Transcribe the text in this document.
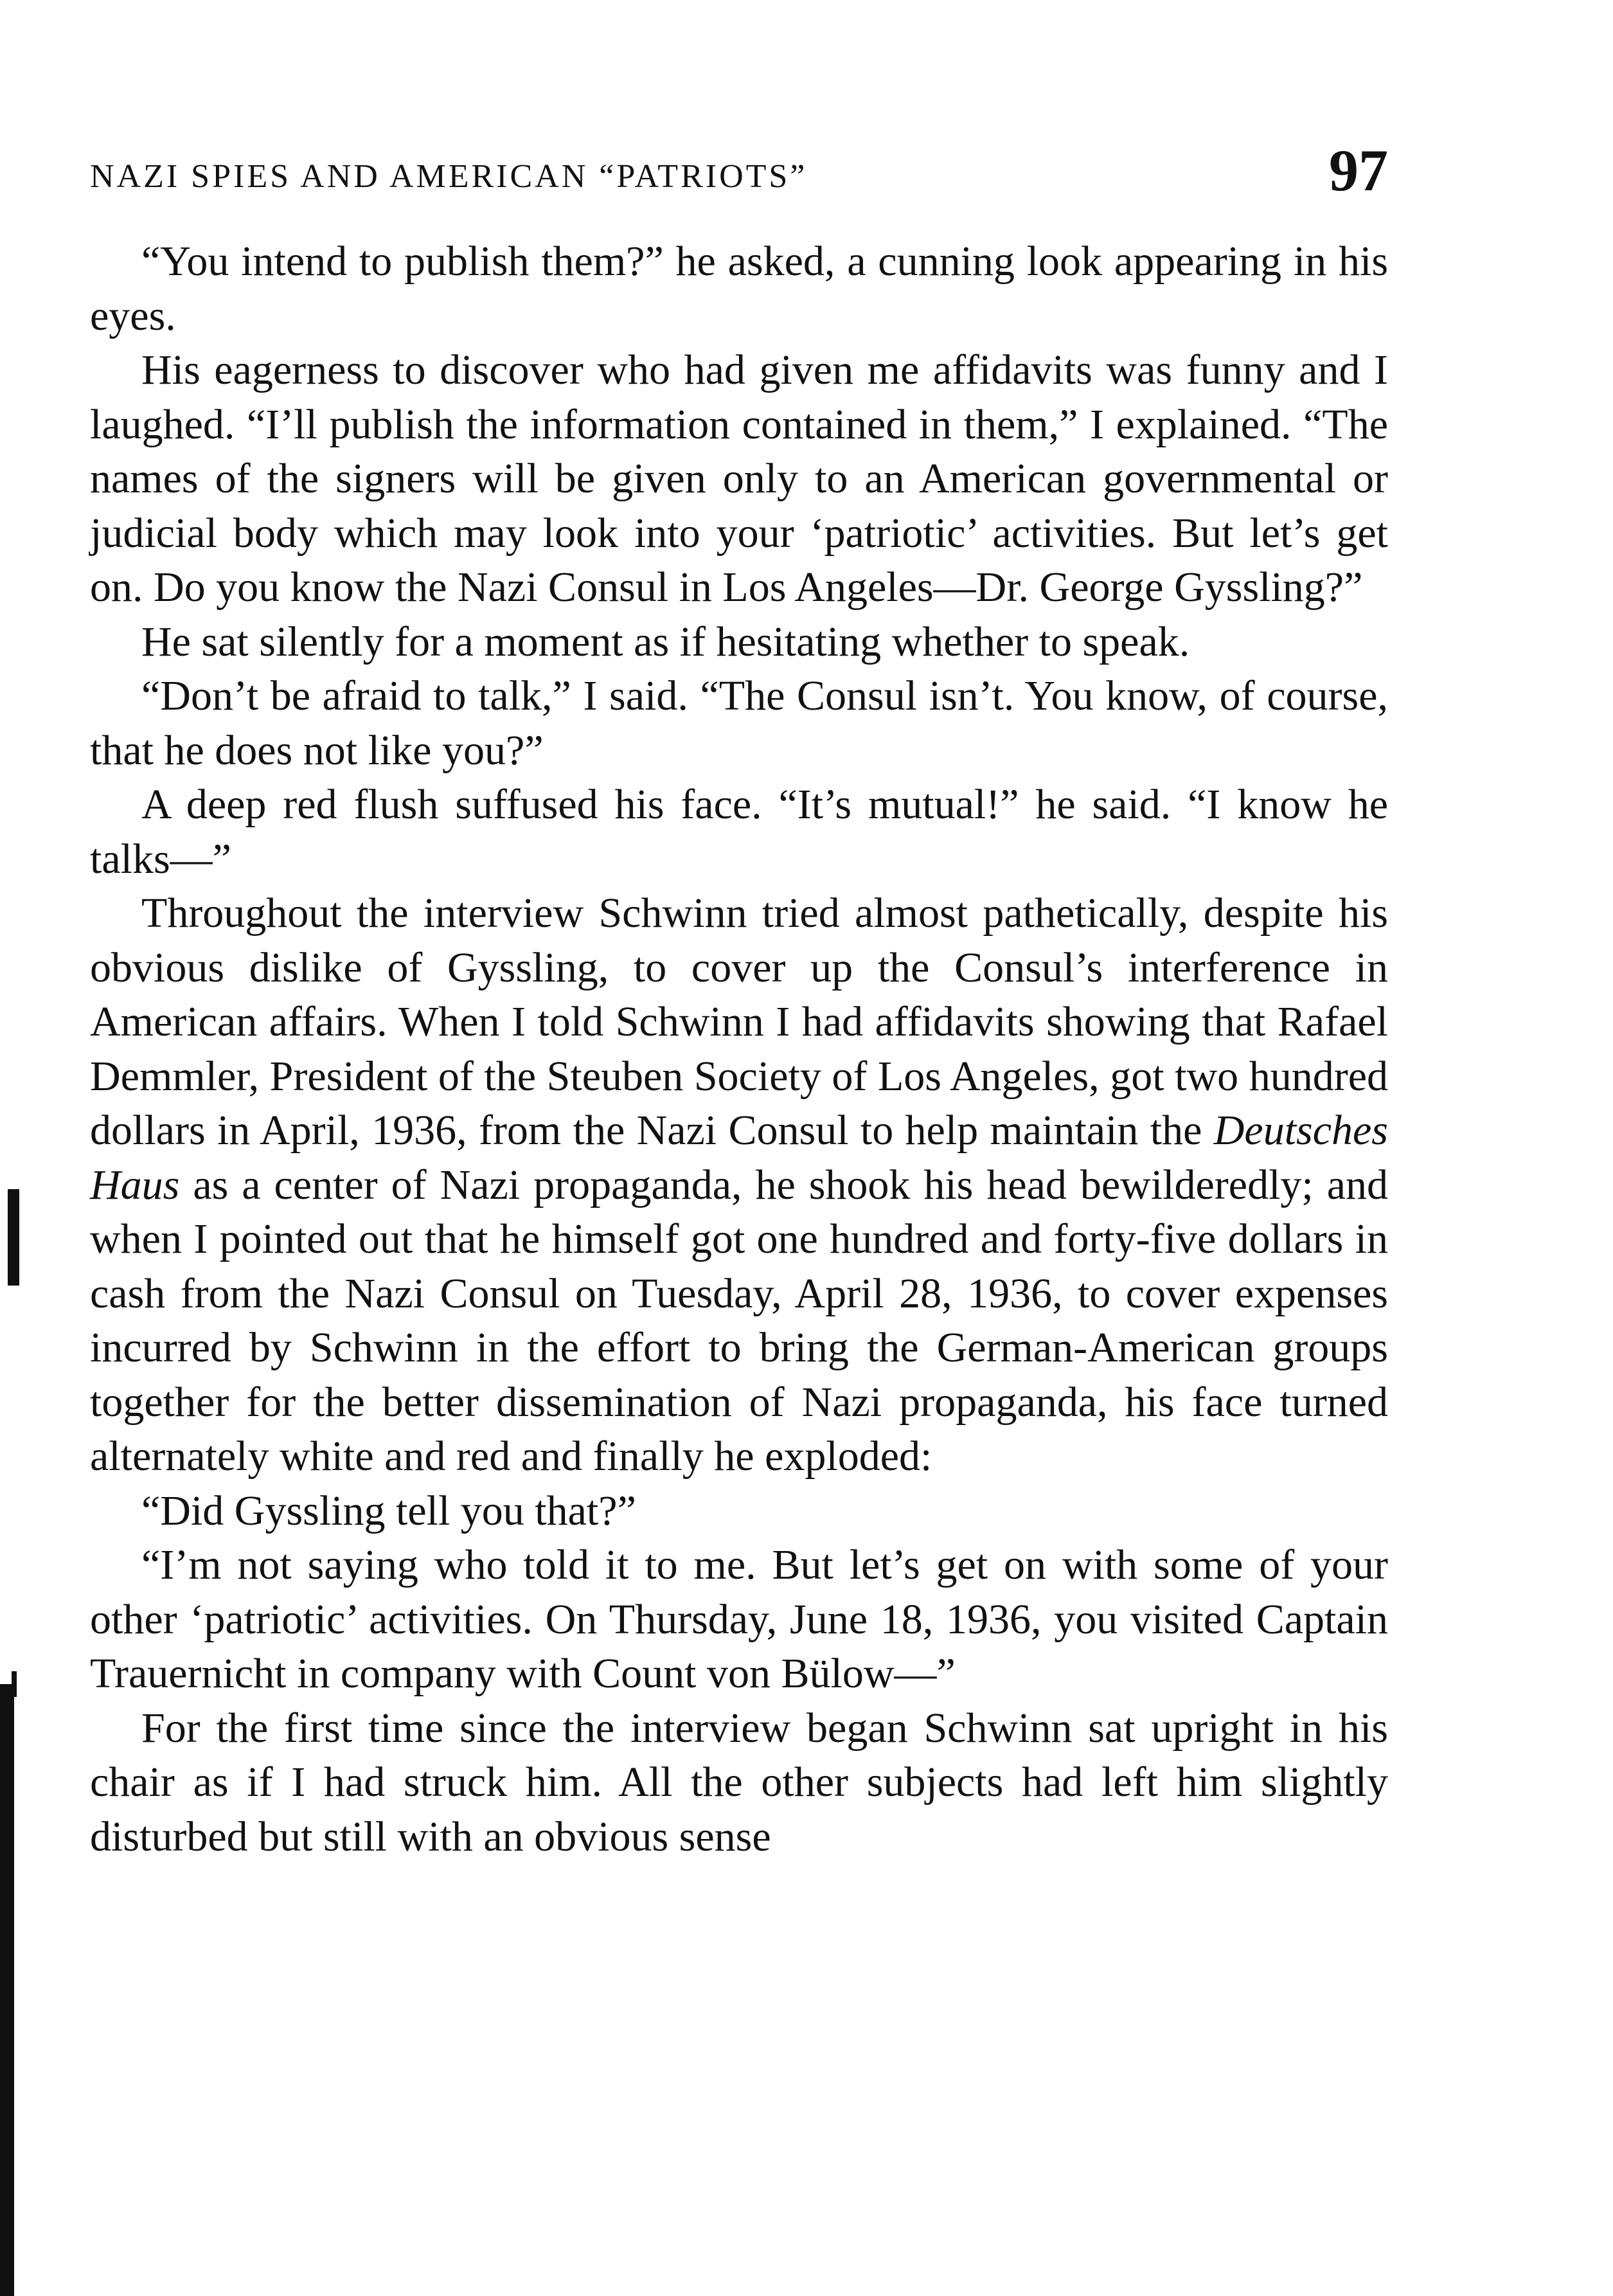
NAZI SPIES AND AMERICAN “PATRIOTS”	97

“You intend to publish them?” he asked, a cunning look appearing in his eyes.

His eagerness to discover who had given me affidavits was funny and I laughed. “I’ll publish the information contained in them,” I explained. “The names of the signers will be given only to an American governmental or judicial body which may look into your ‘patriotic’ activities. But let’s get on. Do you know the Nazi Consul in Los Angeles—Dr. George Gyssling?”

He sat silently for a moment as if hesitating whether to speak.

“Don’t be afraid to talk,” I said. “The Consul isn’t. You know, of course, that he does not like you?”

A deep red flush suffused his face. “It’s mutual!” he said. “I know he talks—”

Throughout the interview Schwinn tried almost pathetically, despite his obvious dislike of Gyssling, to cover up the Consul’s interference in American affairs. When I told Schwinn I had affidavits showing that Rafael Demmler, President of the Steuben Society of Los Angeles, got two hundred dollars in April, 1936, from the Nazi Consul to help maintain the Deutsches Haus as a center of Nazi propaganda, he shook his head bewilderedly; and when I pointed out that he himself got one hundred and forty-five dollars in cash from the Nazi Consul on Tuesday, April 28, 1936, to cover expenses incurred by Schwinn in the effort to bring the German-American groups together for the better dissemination of Nazi propaganda, his face turned alternately white and red and finally he exploded:

“Did Gyssling tell you that?”

“I’m not saying who told it to me. But let’s get on with some of your other ‘patriotic’ activities. On Thursday, June 18, 1936, you visited Captain Trauernicht in company with Count von Bülow—”

For the first time since the interview began Schwinn sat upright in his chair as if I had struck him. All the other subjects had left him slightly disturbed but still with an obvious sense
